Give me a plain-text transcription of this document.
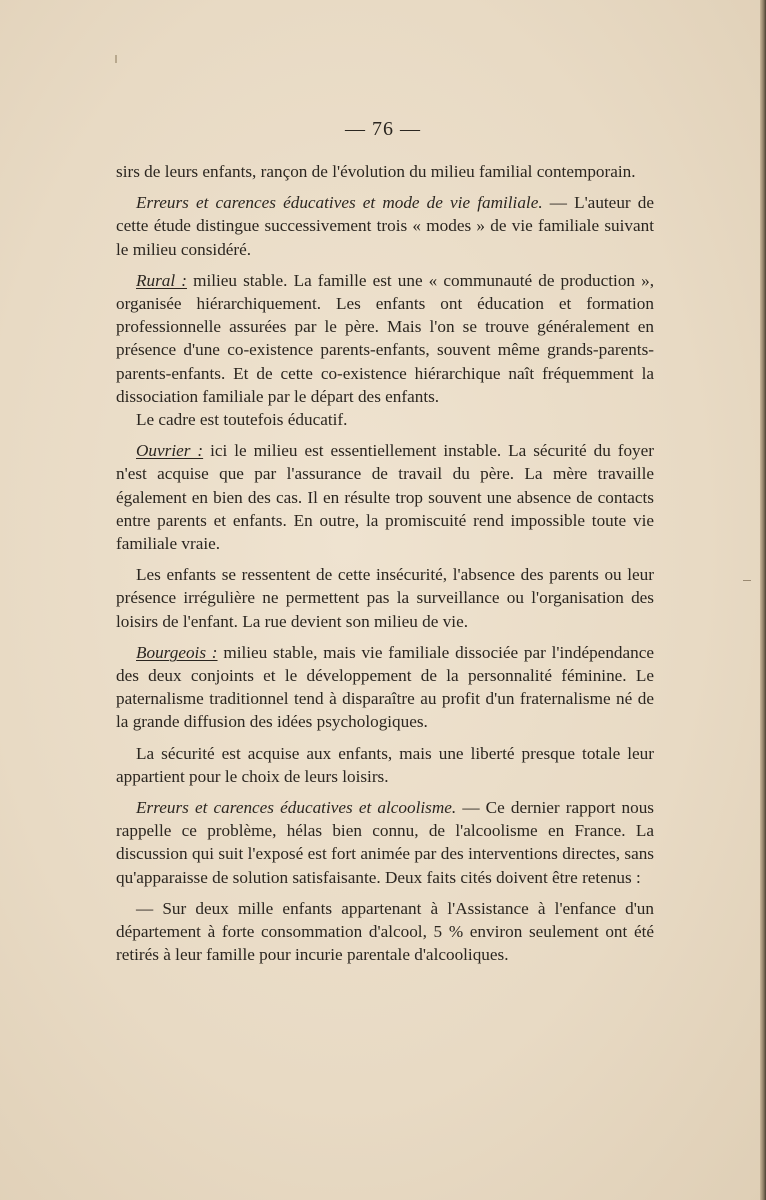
— 76 —

sirs de leurs enfants, rançon de l'évolution du milieu familial contemporain.

Erreurs et carences éducatives et mode de vie familiale. — L'auteur de cette étude distingue successivement trois « modes » de vie familiale suivant le milieu considéré.

Rural : milieu stable. La famille est une « communauté de production », organisée hiérarchiquement. Les enfants ont éducation et formation professionnelle assurées par le père. Mais l'on se trouve généralement en présence d'une co-existence parents-enfants, souvent même grands-parents-parents-enfants. Et de cette co-existence hiérarchique naît fréquemment la dissociation familiale par le départ des enfants.

Le cadre est toutefois éducatif.

Ouvrier : ici le milieu est essentiellement instable. La sécurité du foyer n'est acquise que par l'assurance de travail du père. La mère travaille également en bien des cas. Il en résulte trop souvent une absence de contacts entre parents et enfants. En outre, la promiscuité rend impossible toute vie familiale vraie.

Les enfants se ressentent de cette insécurité, l'absence des parents ou leur présence irrégulière ne permettent pas la surveillance ou l'organisation des loisirs de l'enfant. La rue devient son milieu de vie.

Bourgeois : milieu stable, mais vie familiale dissociée par l'indépendance des deux conjoints et le développement de la personnalité féminine. Le paternalisme traditionnel tend à disparaître au profit d'un fraternalisme né de la grande diffusion des idées psychologiques.

La sécurité est acquise aux enfants, mais une liberté presque totale leur appartient pour le choix de leurs loisirs.

Erreurs et carences éducatives et alcoolisme. — Ce dernier rapport nous rappelle ce problème, hélas bien connu, de l'alcoolisme en France. La discussion qui suit l'exposé est fort animée par des interventions directes, sans qu'apparaisse de solution satisfaisante. Deux faits cités doivent être retenus :

— Sur deux mille enfants appartenant à l'Assistance à l'enfance d'un département à forte consommation d'alcool, 5 % environ seulement ont été retirés à leur famille pour incurie parentale d'alcooliques.
